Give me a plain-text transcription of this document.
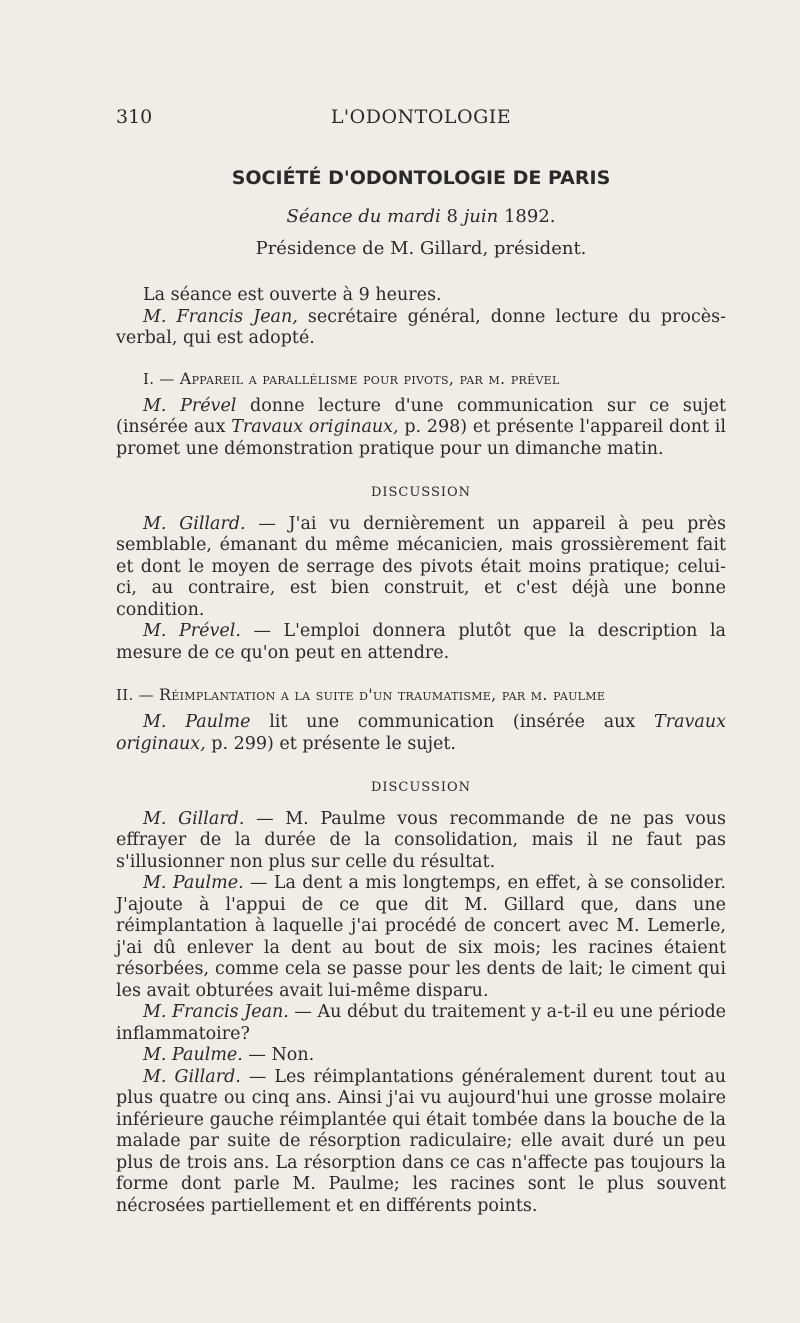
310	L'ODONTOLOGIE
SOCIÉTÉ D'ODONTOLOGIE DE PARIS
Séance du mardi 8 juin 1892.
Présidence de M. Gillard, président.

La séance est ouverte à 9 heures.

M. Francis Jean, secrétaire général, donne lecture du procès-verbal, qui est adopté.

I. — Appareil a parallélisme pour pivots, par m. prével

M. Prével donne lecture d'une communication sur ce sujet (insérée aux Travaux originaux, p. 298) et présente l'appareil dont il promet une démonstration pratique pour un dimanche matin.

DISCUSSION

M. Gillard. — J'ai vu dernièrement un appareil à peu près semblable, émanant du même mécanicien, mais grossièrement fait et dont le moyen de serrage des pivots était moins pratique; celui-ci, au contraire, est bien construit, et c'est déjà une bonne condition.

M. Prével. — L'emploi donnera plutôt que la description la mesure de ce qu'on peut en attendre.

II. — Réimplantation a la suite d'un traumatisme, par m. paulme

M. Paulme lit une communication (insérée aux Travaux originaux, p. 299) et présente le sujet.

DISCUSSION

M. Gillard. — M. Paulme vous recommande de ne pas vous effrayer de la durée de la consolidation, mais il ne faut pas s'illusionner non plus sur celle du résultat.

M. Paulme. — La dent a mis longtemps, en effet, à se consolider. J'ajoute à l'appui de ce que dit M. Gillard que, dans une réimplantation à laquelle j'ai procédé de concert avec M. Lemerle, j'ai dû enlever la dent au bout de six mois; les racines étaient résorbées, comme cela se passe pour les dents de lait; le ciment qui les avait obturées avait lui-même disparu.

M. Francis Jean. — Au début du traitement y a-t-il eu une période inflammatoire?

M. Paulme. — Non.

M. Gillard. — Les réimplantations généralement durent tout au plus quatre ou cinq ans. Ainsi j'ai vu aujourd'hui une grosse molaire inférieure gauche réimplantée qui était tombée dans la bouche de la malade par suite de résorption radiculaire; elle avait duré un peu plus de trois ans. La résorption dans ce cas n'affecte pas toujours la forme dont parle M. Paulme; les racines sont le plus souvent nécrosées partiellement et en différents points.
